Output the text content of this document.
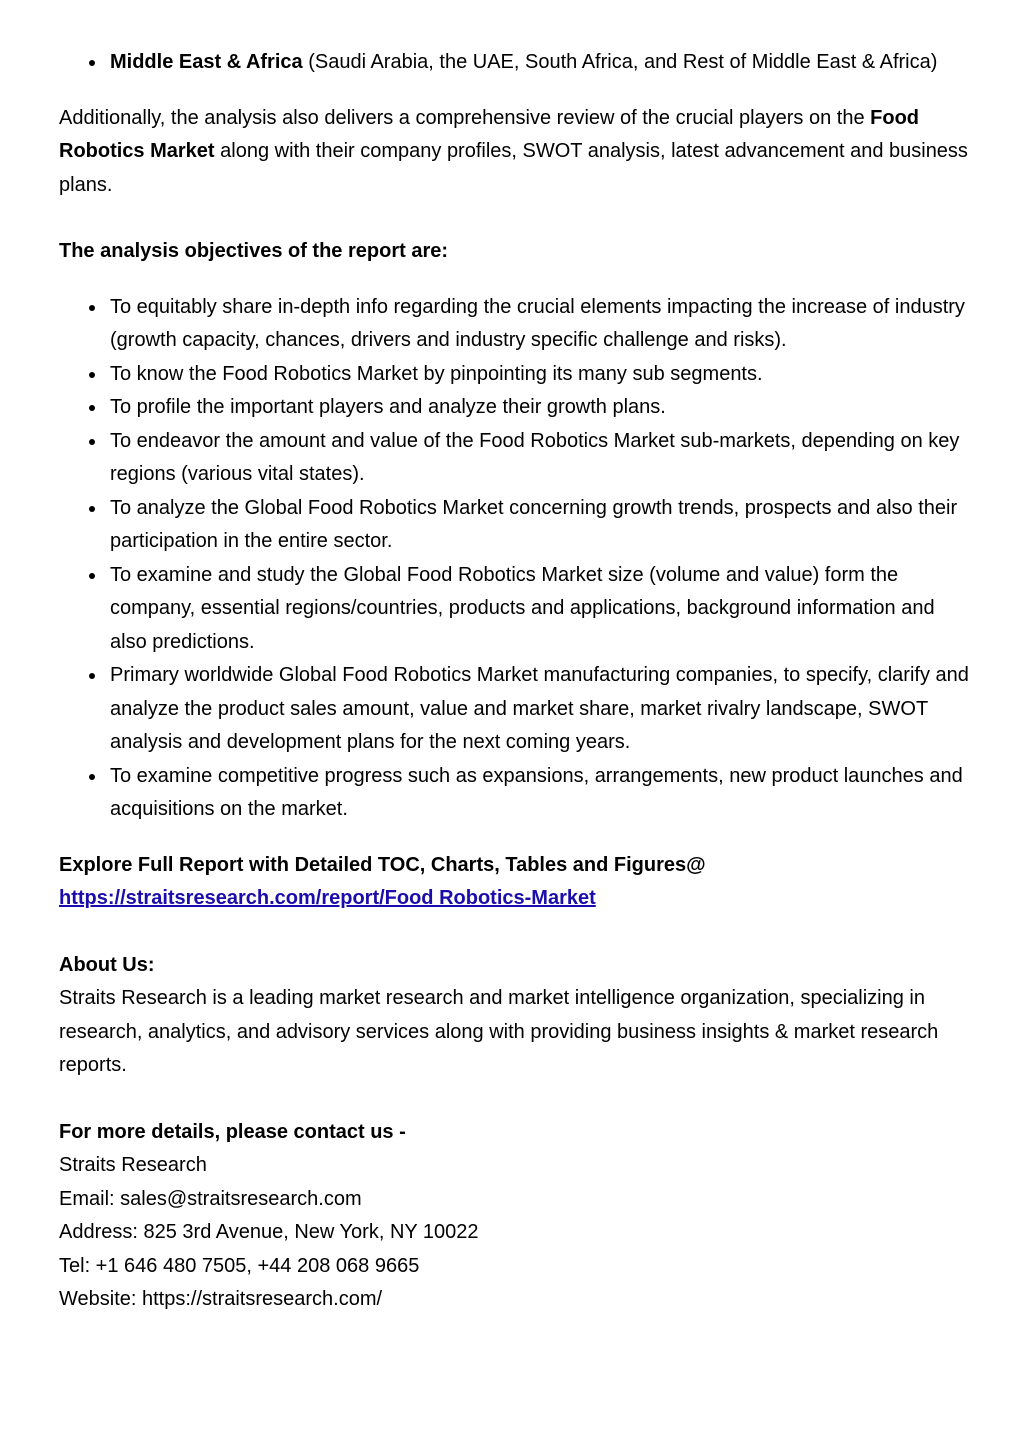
Middle East & Africa (Saudi Arabia, the UAE, South Africa, and Rest of Middle East & Africa)

Additionally, the analysis also delivers a comprehensive review of the crucial players on the Food Robotics Market along with their company profiles, SWOT analysis, latest advancement and business plans.

The analysis objectives of the report are:

To equitably share in-depth info regarding the crucial elements impacting the increase of industry (growth capacity, chances, drivers and industry specific challenge and risks).
To know the Food Robotics Market by pinpointing its many sub segments.
To profile the important players and analyze their growth plans.
To endeavor the amount and value of the Food Robotics Market sub-markets, depending on key regions (various vital states).
To analyze the Global Food Robotics Market concerning growth trends, prospects and also their participation in the entire sector.
To examine and study the Global Food Robotics Market size (volume and value) form the company, essential regions/countries, products and applications, background information and also predictions.
Primary worldwide Global Food Robotics Market manufacturing companies, to specify, clarify and analyze the product sales amount, value and market share, market rivalry landscape, SWOT analysis and development plans for the next coming years.
To examine competitive progress such as expansions, arrangements, new product launches and acquisitions on the market.

Explore Full Report with Detailed TOC, Charts, Tables and Figures@

https://straitsresearch.com/report/Food Robotics-Market

About Us:

Straits Research is a leading market research and market intelligence organization, specializing in research, analytics, and advisory services along with providing business insights & market research reports.

For more details, please contact us -

Straits Research

Email: sales@straitsresearch.com

Address: 825 3rd Avenue, New York, NY 10022

Tel: +1 646 480 7505, +44 208 068 9665

Website: https://straitsresearch.com/
